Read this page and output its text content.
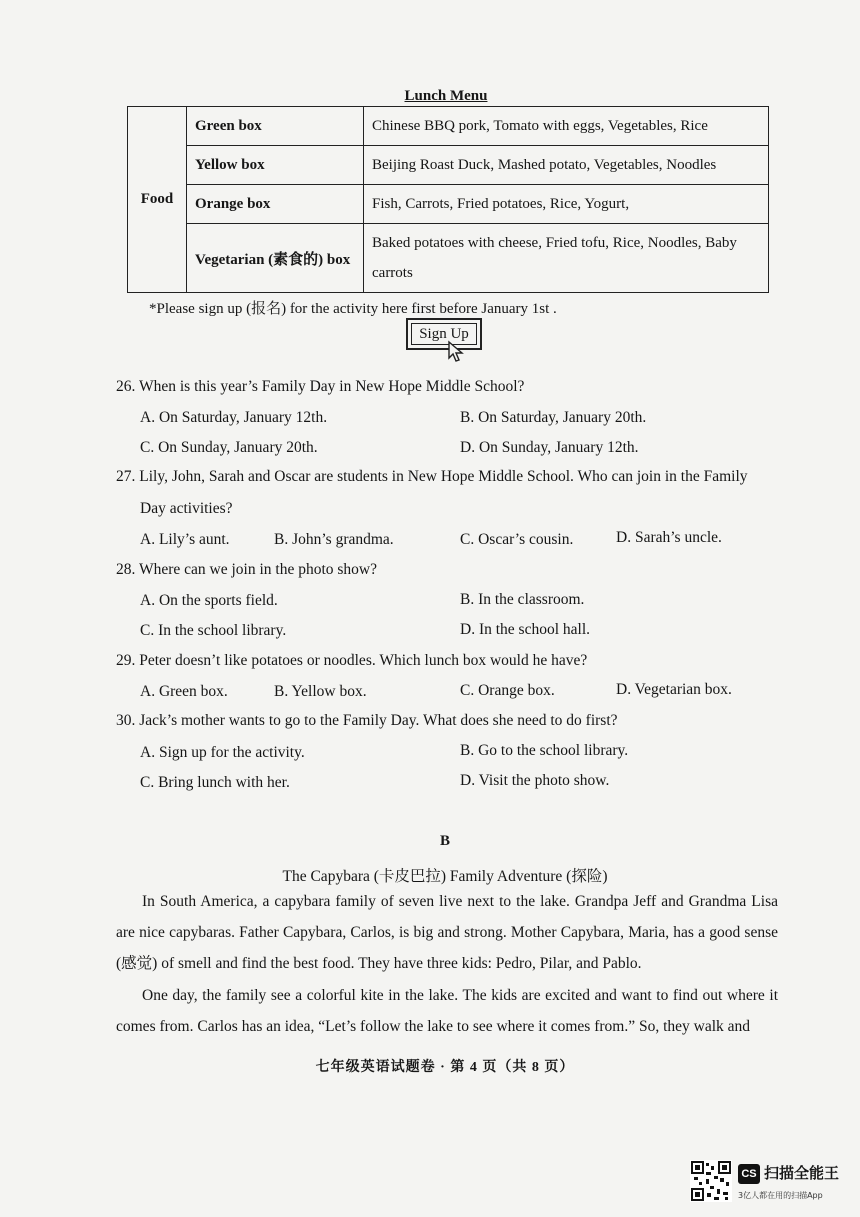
Lunch Menu
Food	Green box	Chinese BBQ pork, Tomato with eggs, Vegetables, Rice
	Yellow box	Beijing Roast Duck, Mashed potato, Vegetables, Noodles
	Orange box	Fish, Carrots, Fried potatoes, Rice, Yogurt,
	Vegetarian (素食的) box	Baked potatoes with cheese, Fried tofu, Rice, Noodles, Baby carrots
*Please sign up (报名) for the activity here first before January 1st .
Sign Up
26. When is this year’s Family Day in New Hope Middle School?
A. On Saturday, January 12th.	B. On Saturday, January 20th.
C. On Sunday, January 20th.	D. On Sunday, January 12th.
27. Lily, John, Sarah and Oscar are students in New Hope Middle School. Who can join in the Family
Day activities?
A. Lily’s aunt.	B. John’s grandma.	C. Oscar’s cousin.	D. Sarah’s uncle.
28. Where can we join in the photo show?
A. On the sports field.	B. In the classroom.
C. In the school library.	D. In the school hall.
29. Peter doesn’t like potatoes or noodles. Which lunch box would he have?
A. Green box.	B. Yellow box.	C. Orange box.	D. Vegetarian box.
30. Jack’s mother wants to go to the Family Day. What does she need to do first?
A. Sign up for the activity.	B. Go to the school library.
C. Bring lunch with her.	D. Visit the photo show.
B
The Capybara (卡皮巴拉) Family Adventure (探险)
In South America, a capybara family of seven live next to the lake. Grandpa Jeff and Grandma Lisa are nice capybaras. Father Capybara, Carlos, is big and strong. Mother Capybara, Maria, has a good sense (感觉) of smell and find the best food. They have three kids: Pedro, Pilar, and Pablo.
One day, the family see a colorful kite in the lake. The kids are excited and want to find out where it comes from. Carlos has an idea, “Let’s follow the lake to see where it comes from.” So, they walk and
七年级英语试题卷 · 第 4 页（共 8 页）
CS 扫描全能王
3亿人都在用的扫描App
